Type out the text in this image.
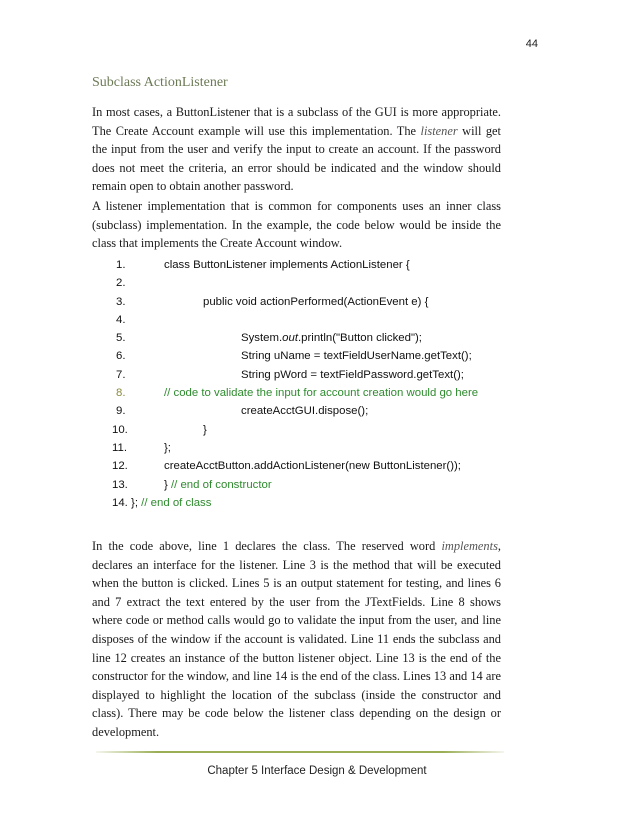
44
Subclass ActionListener

In most cases, a ButtonListener that is a subclass of the GUI is more appropriate. The Create Account example will use this implementation. The listener will get the input from the user and verify the input to create an account. If the password does not meet the criteria, an error should be indicated and the window should remain open to obtain another password.

A listener implementation that is common for components uses an inner class (subclass) implementation. In the example, the code below would be inside the class that implements the Create Account window.

1.	class ButtonListener implements ActionListener {
2.
3.	public void actionPerformed(ActionEvent e) {
4.
5.	System.out.println("Button clicked");
6.	String uName = textFieldUserName.getText();
7.	String pWord = textFieldPassword.getText();
8.	// code to validate the input for account creation would go here
9.	createAcctGUI.dispose();
10.	}
11.	};
12.	createAcctButton.addActionListener(new ButtonListener());
13.	} // end of constructor
14. }; // end of class

In the code above, line 1 declares the class. The reserved word implements, declares an interface for the listener. Line 3 is the method that will be executed when the button is clicked. Lines 5 is an output statement for testing, and lines 6 and 7 extract the text entered by the user from the JTextFields. Line 8 shows where code or method calls would go to validate the input from the user, and line disposes of the window if the account is validated. Line 11 ends the subclass and line 12 creates an instance of the button listener object. Line 13 is the end of the constructor for the window, and line 14 is the end of the class. Lines 13 and 14 are displayed to highlight the location of the subclass (inside the constructor and class). There may be code below the listener class depending on the design or development.

Chapter 5 Interface Design & Development
